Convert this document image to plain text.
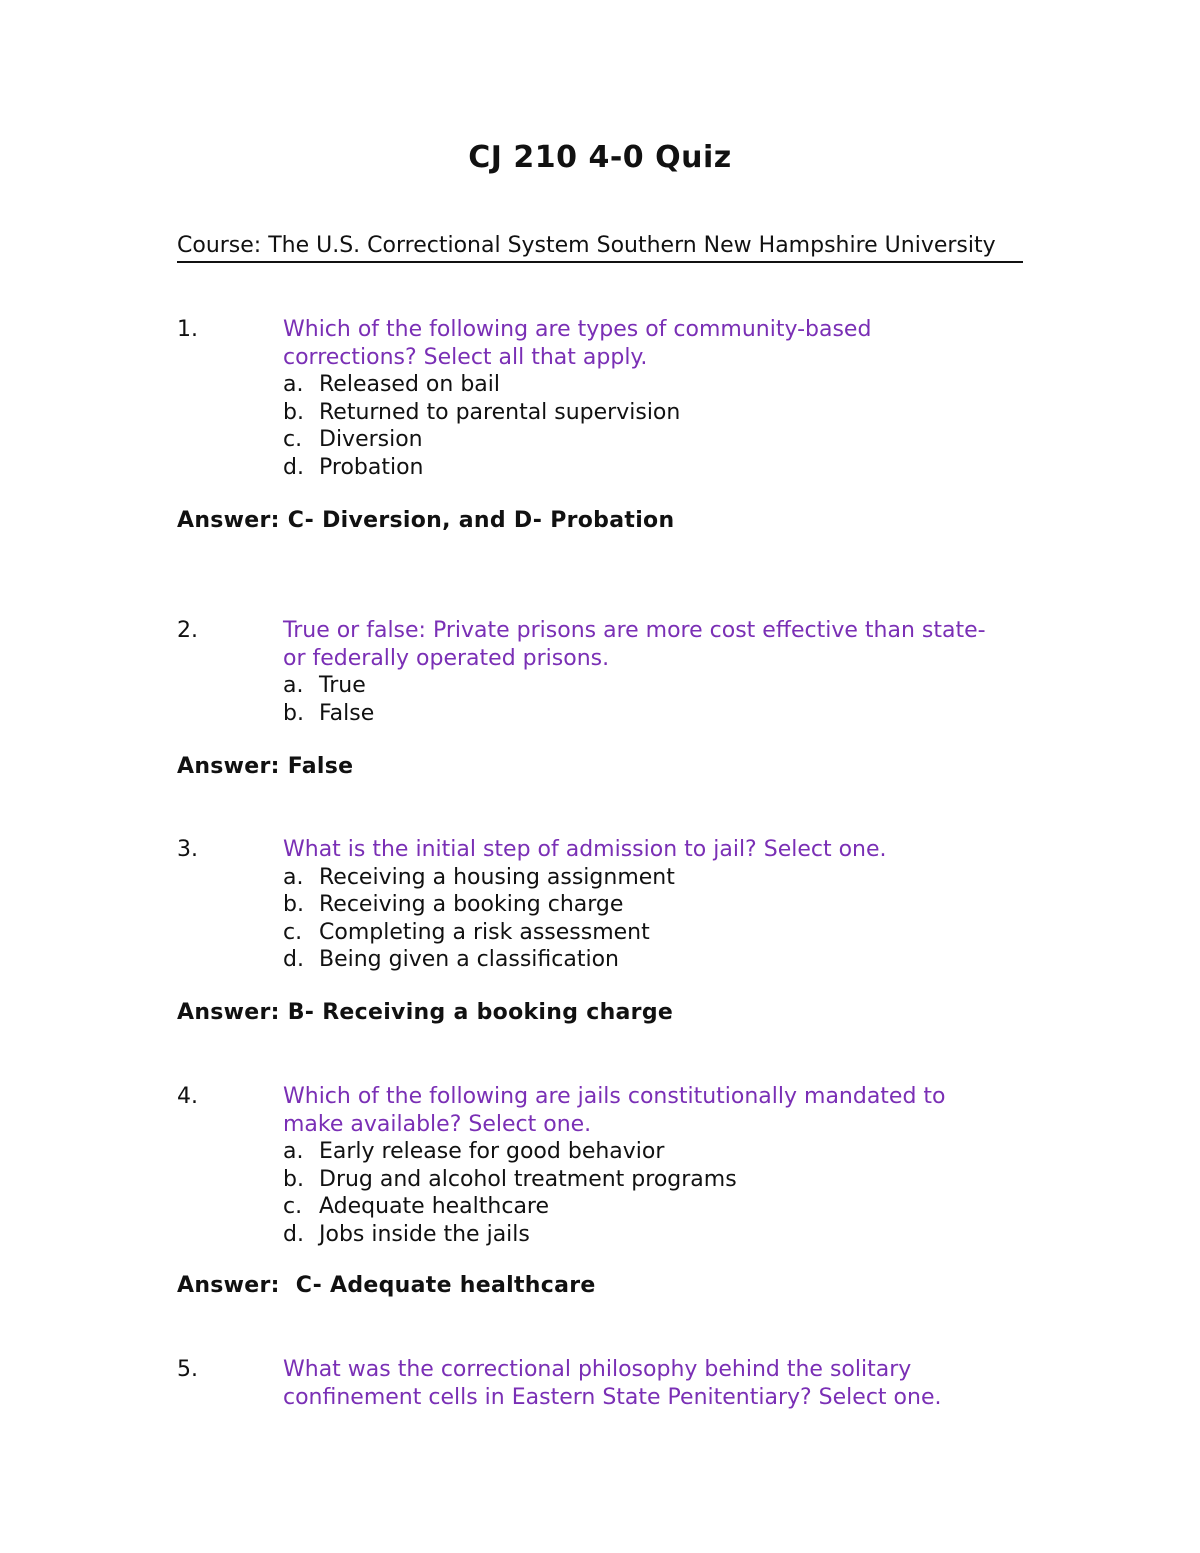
CJ 210 4-0 Quiz
Course: The U.S. Correctional System Southern New Hampshire University
1.	Which of the following are types of community-based corrections? Select all that apply.
a. Released on bail
b. Returned to parental supervision
c. Diversion
d. Probation
Answer: C- Diversion, and D- Probation
2.	True or false: Private prisons are more cost effective than state- or federally operated prisons.
a. True
b. False
Answer: False
3.	What is the initial step of admission to jail? Select one.
a. Receiving a housing assignment
b. Receiving a booking charge
c. Completing a risk assessment
d. Being given a classification
Answer: B- Receiving a booking charge
4.	Which of the following are jails constitutionally mandated to make available? Select one.
a. Early release for good behavior
b. Drug and alcohol treatment programs
c. Adequate healthcare
d. Jobs inside the jails
Answer:  C- Adequate healthcare
5.	What was the correctional philosophy behind the solitary confinement cells in Eastern State Penitentiary? Select one.
